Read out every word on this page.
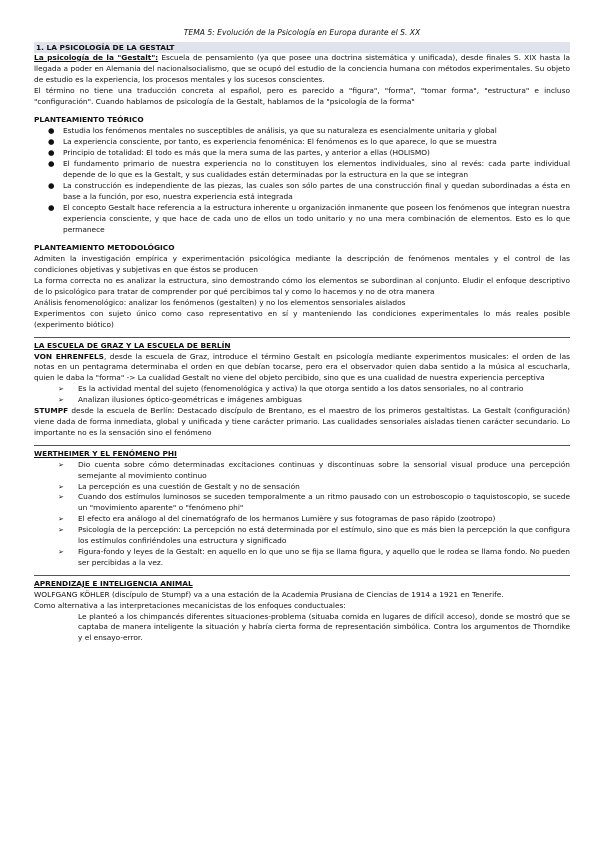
TEMA 5: Evolución de la Psicología en Europa durante el S. XX
1. LA PSICOLOGÍA DE LA GESTALT

La psicología de la "Gestalt": Escuela de pensamiento (ya que posee una doctrina sistemática y unificada), desde finales S. XIX hasta la llegada a poder en Alemania del nacionalsocialismo, que se ocupó del estudio de la conciencia humana con métodos experimentales. Su objeto de estudio es la experiencia, los procesos mentales y los sucesos conscientes.

El término no tiene una traducción concreta al español, pero es parecido a "figura", "forma", "tomar forma", "estructura" e incluso "configuración". Cuando hablamos de psicología de la Gestalt, hablamos de la "psicología de la forma"

PLANTEAMIENTO TEÓRICO
● Estudia los fenómenos mentales no susceptibles de análisis, ya que su naturaleza es esencialmente unitaria y global
● La experiencia consciente, por tanto, es experiencia fenoménica: El fenómenos es lo que aparece, lo que se muestra
● Principio de totalidad: El todo es más que la mera suma de las partes, y anterior a ellas (HOLISMO)
● El fundamento primario de nuestra experiencia no lo constituyen los elementos individuales, sino al revés: cada parte individual depende de lo que es la Gestalt, y sus cualidades están determinadas por la estructura en la que se integran
● La construcción es independiente de las piezas, las cuales son sólo partes de una construcción final y quedan subordinadas a ésta en base a la función, por eso, nuestra experiencia está integrada
● El concepto Gestalt hace referencia a la estructura inherente u organización inmanente que poseen los fenómenos que integran nuestra experiencia consciente, y que hace de cada uno de ellos un todo unitario y no una mera combinación de elementos. Esto es lo que permanece
PLANTEAMIENTO METODOLÓGICO

Admiten la investigación empírica y experimentación psicológica mediante la descripción de fenómenos mentales y el control de las condiciones objetivas y subjetivas en que éstos se producen

La forma correcta no es analizar la estructura, sino demostrando cómo los elementos se subordinan al conjunto. Eludir el enfoque descriptivo de lo psicológico para tratar de comprender por qué percibimos tal y como lo hacemos y no de otra manera

Análisis fenomenológico: analizar los fenómenos (gestalten) y no los elementos sensoriales aislados

Experimentos con sujeto único como caso representativo en sí y manteniendo las condiciones experimentales lo más reales posible (experimento biótico)

LA ESCUELA DE GRAZ Y LA ESCUELA DE BERLÍN

VON EHRENFELS, desde la escuela de Graz, introduce el término Gestalt en psicología mediante experimentos musicales: el orden de las notas en un pentagrama determinaba el orden en que debían tocarse, pero era el observador quien daba sentido a la música al escucharla, quien le daba la "forma" -> La cualidad Gestalt no viene del objeto percibido, sino que es una cualidad de nuestra experiencia perceptiva

➢ Es la actividad mental del sujeto (fenomenológica y activa) la que otorga sentido a los datos sensoriales, no al contrario
➢ Analizan ilusiones óptico-geométricas e imágenes ambiguas

STUMPF desde la escuela de Berlín: Destacado discípulo de Brentano, es el maestro de los primeros gestaltistas. La Gestalt (configuración) viene dada de forma inmediata, global y unificada y tiene carácter primario. Las cualidades sensoriales aisladas tienen carácter secundario. Lo importante no es la sensación sino el fenómeno

WERTHEIMER Y EL FENÓMENO PHI
➢ Dio cuenta sobre cómo determinadas excitaciones continuas y discontinuas sobre la sensorial visual produce una percepción semejante al movimiento continuo
➢ La percepción es una cuestión de Gestalt y no de sensación
➢ Cuando dos estímulos luminosos se suceden temporalmente a un ritmo pausado con un estroboscopio o taquistoscopio, se sucede un "movimiento aparente" o "fenómeno phi"
➢ El efecto era análogo al del cinematógrafo de los hermanos Lumière y sus fotogramas de paso rápido (zootropo)
➢ Psicología de la percepción: La percepción no está determinada por el estímulo, sino que es más bien la percepción la que configura los estímulos confiriéndoles una estructura y significado
➢ Figura-fondo y leyes de la Gestalt: en aquello en lo que uno se fija se llama figura, y aquello que le rodea se llama fondo. No pueden ser percibidas a la vez.
APRENDIZAJE E INTELIGENCIA ANIMAL

WOLFGANG KÖHLER (discípulo de Stumpf) va a una estación de la Academia Prusiana de Ciencias de 1914 a 1921 en Tenerife.

Como alternativa a las interpretaciones mecanicistas de los enfoques conductuales:

Le planteó a los chimpancés diferentes situaciones-problema (situaba comida en lugares de difícil acceso), donde se mostró que se captaba de manera inteligente la situación y habría cierta forma de representación simbólica. Contra los argumentos de Thorndike y el ensayo-error.
